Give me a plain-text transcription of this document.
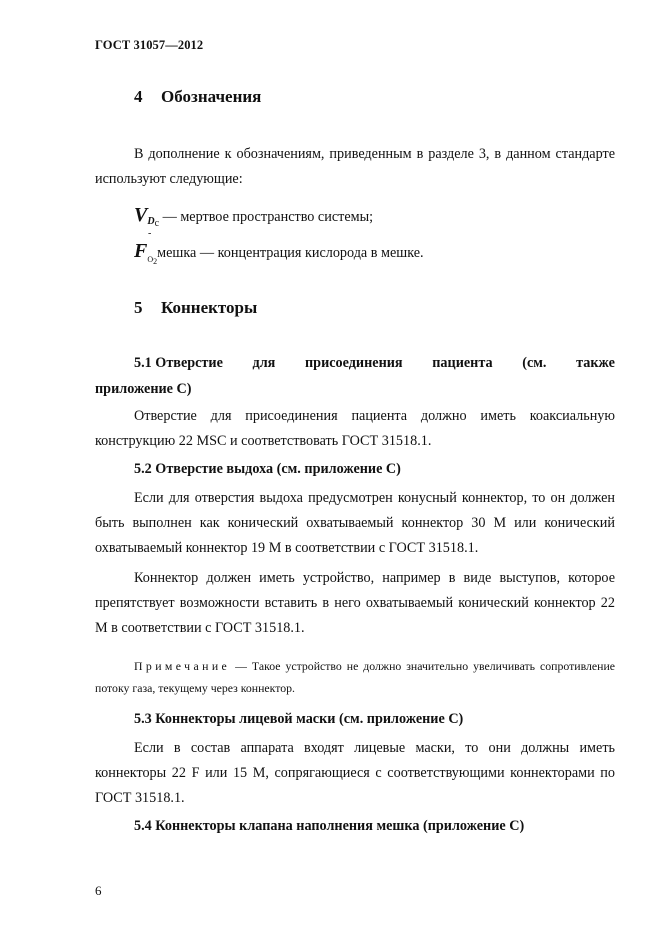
ГОСТ 31057—2012
4 Обозначения

В дополнение к обозначениям, приведенным в разделе 3, в данном стандарте используют следующие:

$V_{Dc}$ — мертвое пространство системы;
-
$F_{O2}мешка$ — концентрация кислорода в мешке.
5 Коннекторы
5.1 Отверстие для присоединения пациента (см. также
приложение С)

Отверстие для присоединения пациента должно иметь коаксиальную конструкцию 22 MSC и соответствовать ГОСТ 31518.1.

5.2 Отверстие выдоха (см. приложение С)

Если для отверстия выдоха предусмотрен конусный коннектор, то он должен быть выполнен как конический охватываемый коннектор 30 М или конический охватываемый коннектор 19 М в соответствии с ГОСТ 31518.1.

Коннектор должен иметь устройство, например в виде выступов, которое препятствует возможности вставить в него охватываемый конический коннектор 22 М в соответствии с ГОСТ 31518.1.

Примечание — Такое устройство не должно значительно увеличивать сопротивление потоку газа, текущему через коннектор.

5.3 Коннекторы лицевой маски (см. приложение С)

Если в состав аппарата входят лицевые маски, то они должны иметь коннекторы 22 F или 15 М, сопрягающиеся с соответствующими коннекторами по ГОСТ 31518.1.

5.4 Коннекторы клапана наполнения мешка (приложение С)
6
